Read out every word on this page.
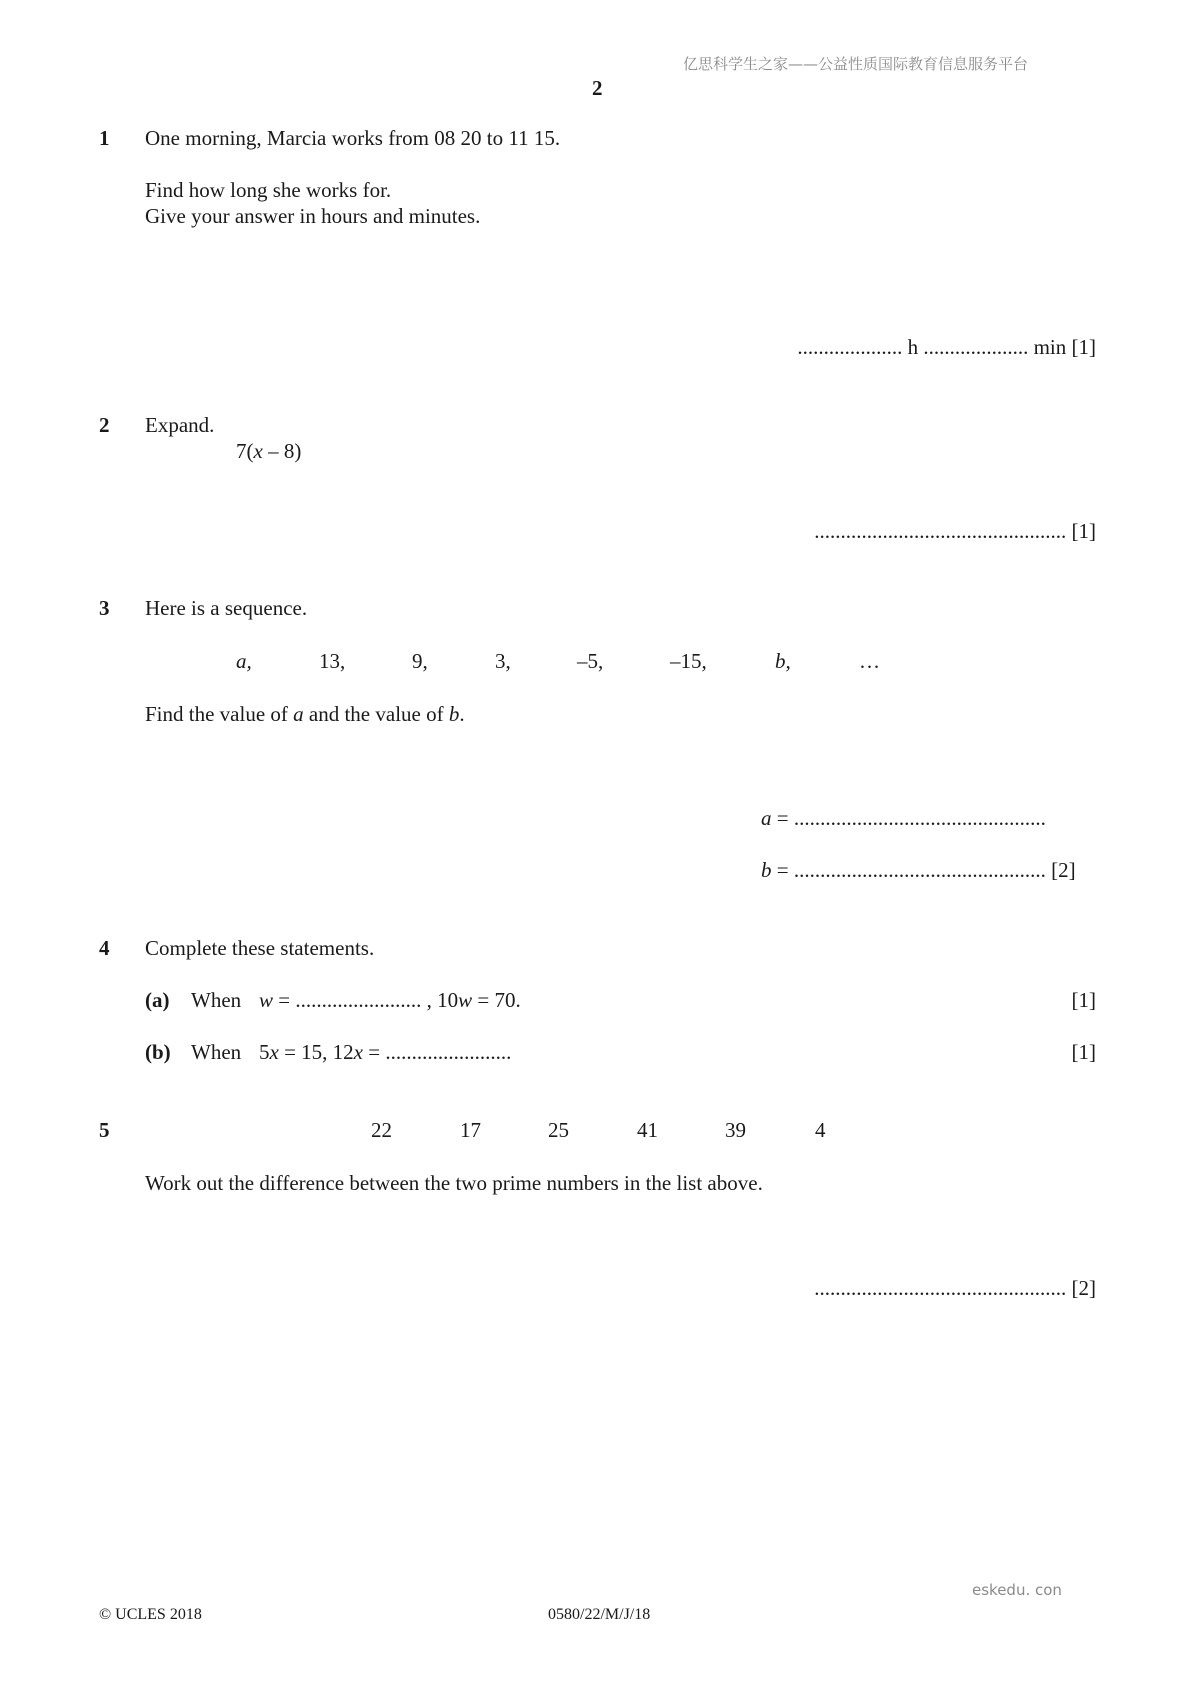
亿思科学生之家——公益性质国际教育信息服务平台
2
1 One morning, Marcia works from 08 20 to 11 15.
Find how long she works for.
Give your answer in hours and minutes.
.................... h .................... min [1]
2 Expand.
7(x – 8)
................................................ [1]
3 Here is a sequence.
a,	13,	9,	3,	–5,	–15,	b,	…
Find the value of a and the value of b.
a = ................................................
b = ................................................ [2]
4 Complete these statements.
(a) When w = ........................ , 10w = 70.	[1]
(b) When 5x = 15, 12x = ........................	[1]
5	22	17	25	41	39	4
Work out the difference between the two prime numbers in the list above.
................................................ [2]
eskedu. con
© UCLES 2018	0580/22/M/J/18
